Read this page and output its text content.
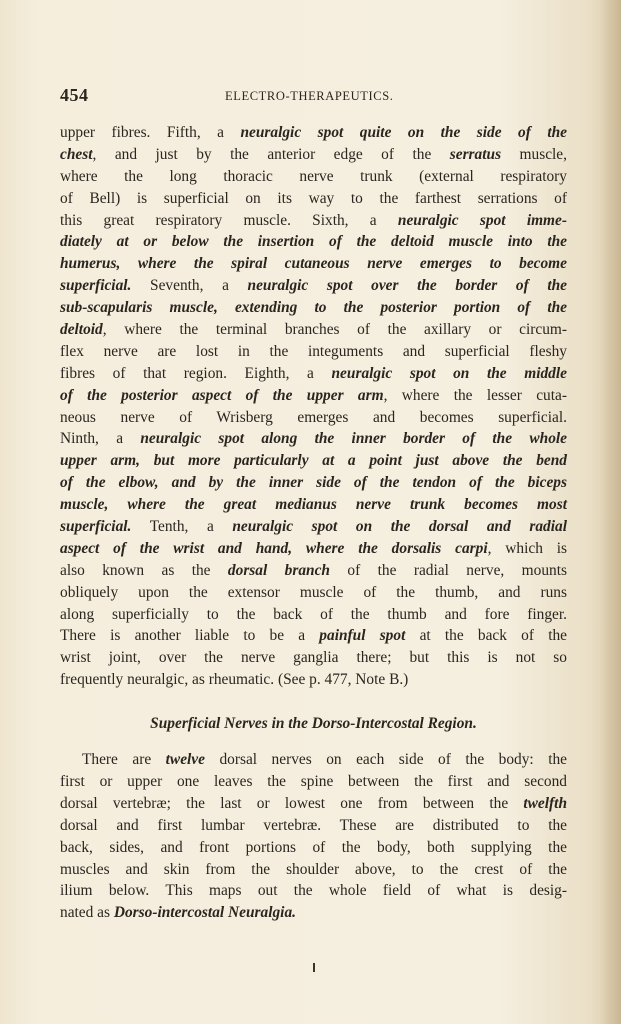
454	ELECTRO-THERAPEUTICS.
upper fibres. Fifth, a neuralgic spot quite on the side of the
chest, and just by the anterior edge of the serratus muscle,
where the long thoracic nerve trunk (external respiratory
of Bell) is superficial on its way to the farthest serrations of
this great respiratory muscle. Sixth, a neuralgic spot imme-
diately at or below the insertion of the deltoid muscle into the
humerus, where the spiral cutaneous nerve emerges to become
superficial. Seventh, a neuralgic spot over the border of the
sub-scapularis muscle, extending to the posterior portion of the
deltoid, where the terminal branches of the axillary or circum-
flex nerve are lost in the integuments and superficial fleshy
fibres of that region. Eighth, a neuralgic spot on the middle
of the posterior aspect of the upper arm, where the lesser cuta-
neous nerve of Wrisberg emerges and becomes superficial.
Ninth, a neuralgic spot along the inner border of the whole
upper arm, but more particularly at a point just above the bend
of the elbow, and by the inner side of the tendon of the biceps
muscle, where the great medianus nerve trunk becomes most
superficial. Tenth, a neuralgic spot on the dorsal and radial
aspect of the wrist and hand, where the dorsalis carpi, which is
also known as the dorsal branch of the radial nerve, mounts
obliquely upon the extensor muscle of the thumb, and runs
along superficially to the back of the thumb and fore finger.
There is another liable to be a painful spot at the back of the
wrist joint, over the nerve ganglia there; but this is not so
frequently neuralgic, as rheumatic. (See p. 477, Note B.)
Superficial Nerves in the Dorso-Intercostal Region.
There are twelve dorsal nerves on each side of the body: the
first or upper one leaves the spine between the first and second
dorsal vertebræ; the last or lowest one from between the twelfth
dorsal and first lumbar vertebræ. These are distributed to the
back, sides, and front portions of the body, both supplying the
muscles and skin from the shoulder above, to the crest of the
ilium below. This maps out the whole field of what is desig-
nated as Dorso-intercostal Neuralgia.
